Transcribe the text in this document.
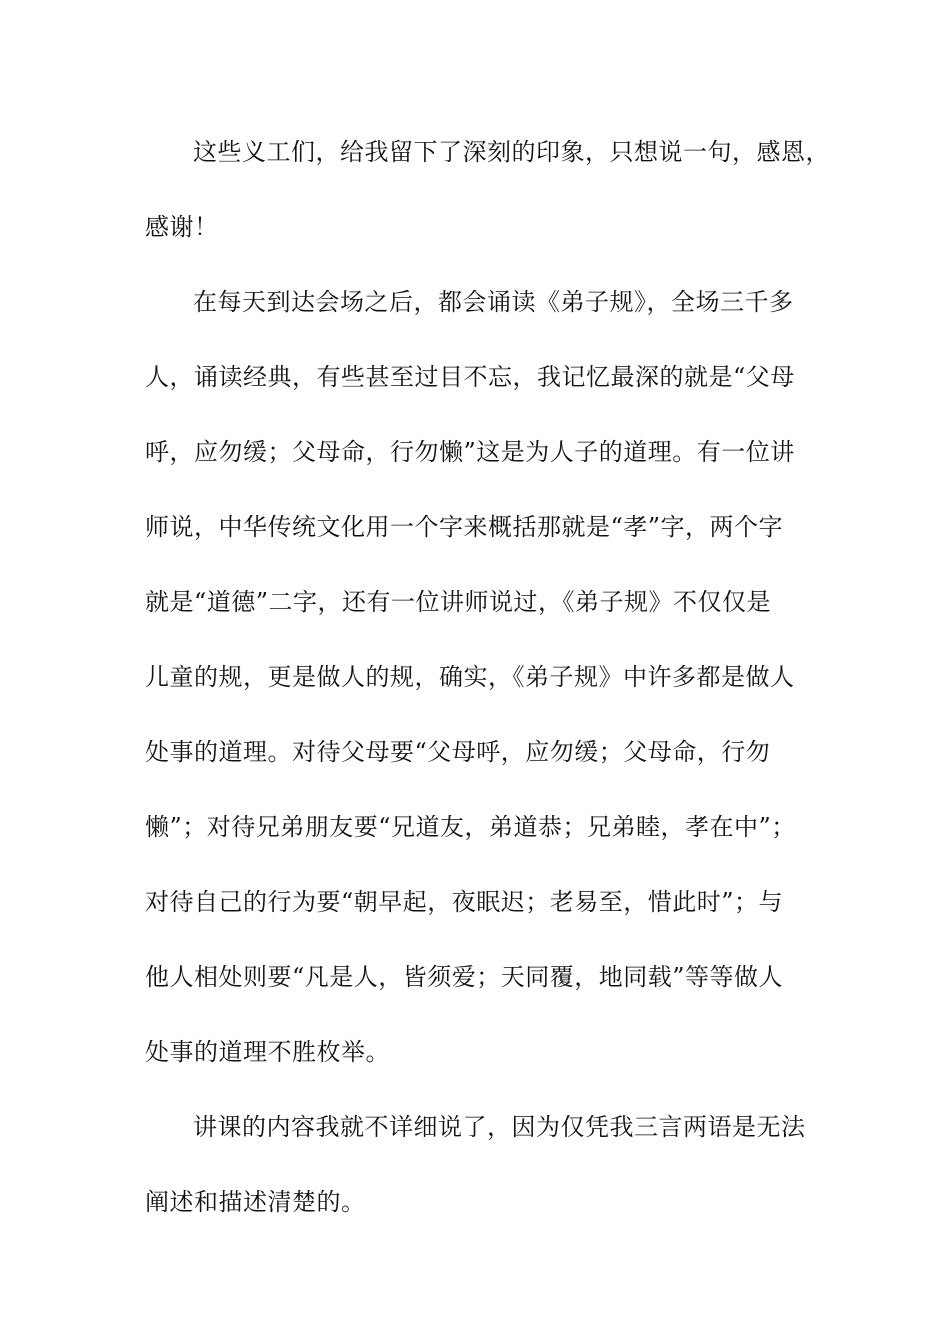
这些义工们，给我留下了深刻的印象，只想说一句，感恩，
感谢！
在每天到达会场之后，都会诵读《弟子规》，全场三千多
人，诵读经典，有些甚至过目不忘，我记忆最深的就是“父母
呼，应勿缓；父母命，行勿懒”这是为人子的道理。有一位讲
师说，中华传统文化用一个字来概括那就是“孝”字，两个字
就是“道德”二字，还有一位讲师说过，《弟子规》不仅仅是
儿童的规，更是做人的规，确实，《弟子规》中许多都是做人
处事的道理。对待父母要“父母呼，应勿缓；父母命，行勿
懒”；对待兄弟朋友要“兄道友，弟道恭；兄弟睦，孝在中”；
对待自己的行为要“朝早起，夜眠迟；老易至，惜此时”；与
他人相处则要“凡是人，皆须爱；天同覆，地同载”等等做人
处事的道理不胜枚举。
讲课的内容我就不详细说了，因为仅凭我三言两语是无法
阐述和描述清楚的。
